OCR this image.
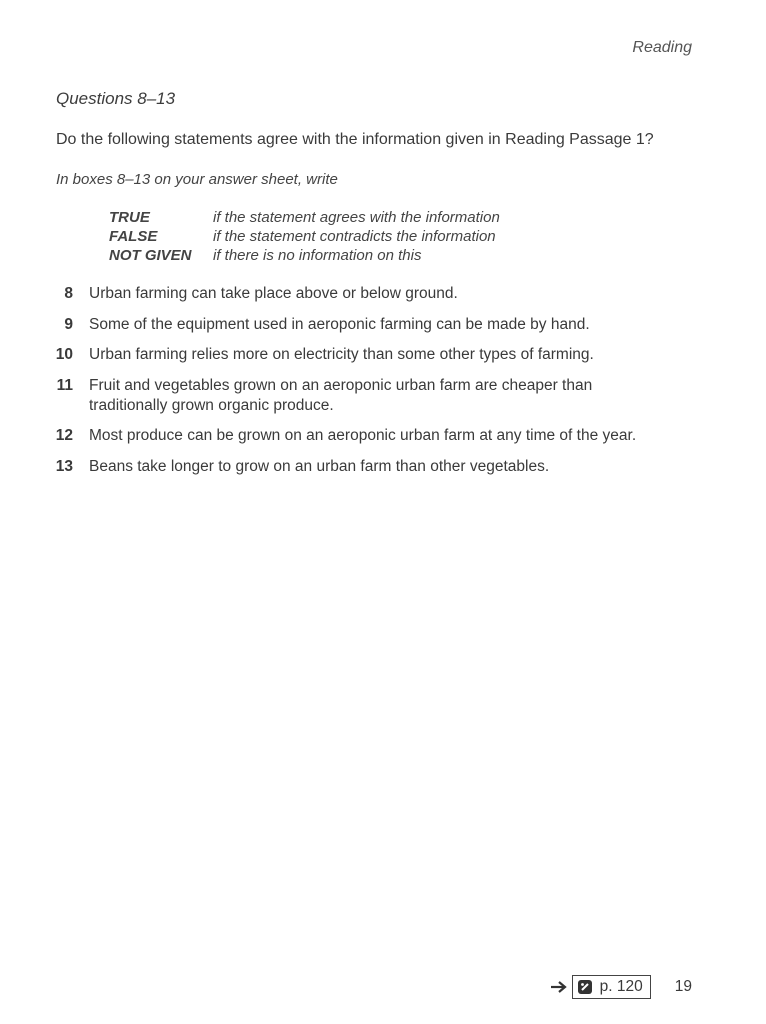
Reading
Questions 8–13
Do the following statements agree with the information given in Reading Passage 1?
In boxes 8–13 on your answer sheet, write
TRUE	if the statement agrees with the information
FALSE	if the statement contradicts the information
NOT GIVEN	if there is no information on this
8	Urban farming can take place above or below ground.
9	Some of the equipment used in aeroponic farming can be made by hand.
10	Urban farming relies more on electricity than some other types of farming.
11	Fruit and vegetables grown on an aeroponic urban farm are cheaper than
traditionally grown organic produce.
12	Most produce can be grown on an aeroponic urban farm at any time of the year.
13	Beans take longer to grow on an urban farm than other vegetables.
p. 120 19
